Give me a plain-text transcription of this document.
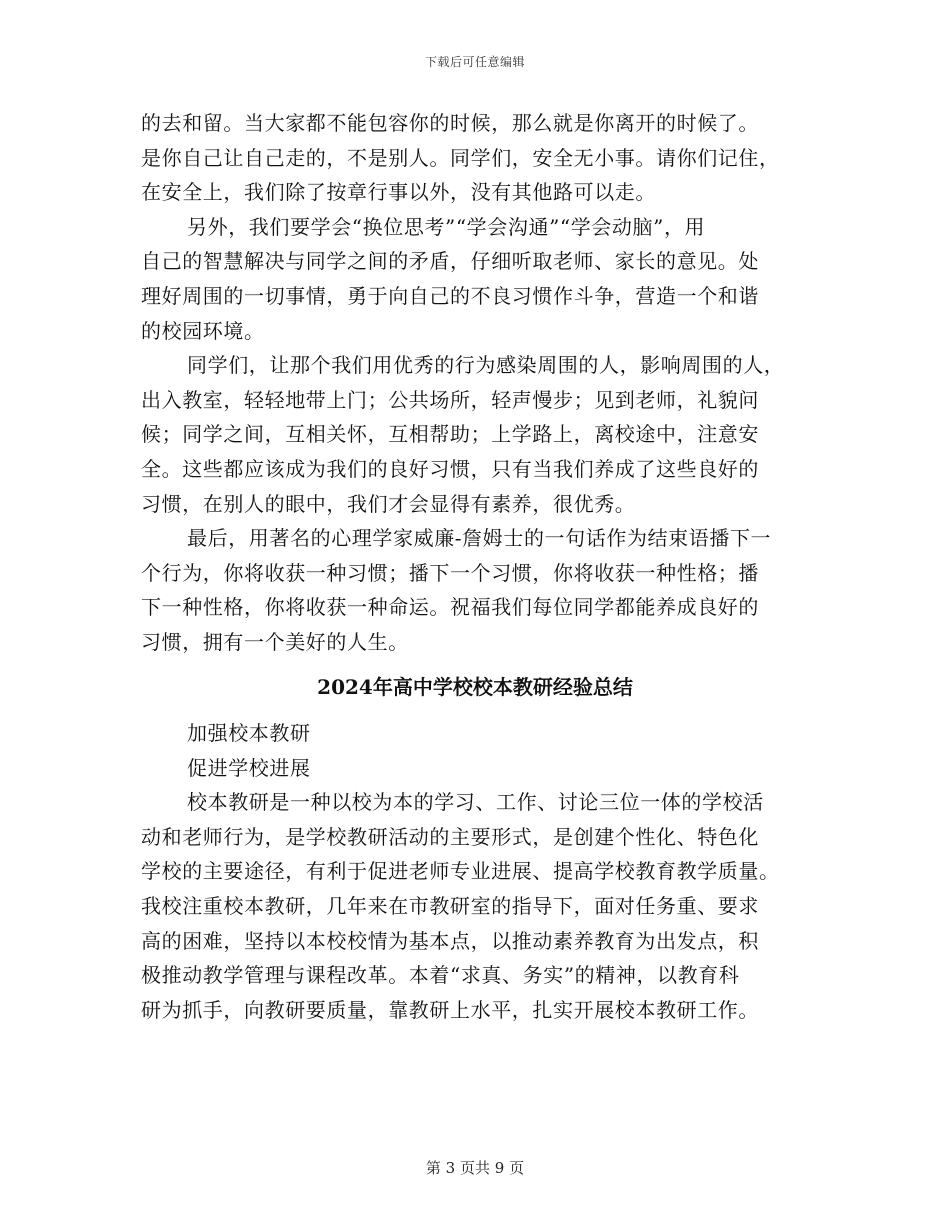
下载后可任意编辑
的去和留。当大家都不能包容你的时候，那么就是你离开的时候了。
是你自己让自己走的，不是别人。同学们，安全无小事。请你们记住，
在安全上，我们除了按章行事以外，没有其他路可以走。
另外，我们要学会“换位思考”“学会沟通”“学会动脑”，用
自己的智慧解决与同学之间的矛盾，仔细听取老师、家长的意见。处
理好周围的一切事情，勇于向自己的不良习惯作斗争，营造一个和谐
的校园环境。
同学们，让那个我们用优秀的行为感染周围的人，影响周围的人，
出入教室，轻轻地带上门；公共场所，轻声慢步；见到老师，礼貌问
候；同学之间，互相关怀，互相帮助；上学路上，离校途中，注意安
全。这些都应该成为我们的良好习惯，只有当我们养成了这些良好的
习惯，在别人的眼中，我们才会显得有素养，很优秀。
最后，用著名的心理学家威廉-詹姆士的一句话作为结束语播下一
个行为，你将收获一种习惯；播下一个习惯，你将收获一种性格；播
下一种性格，你将收获一种命运。祝福我们每位同学都能养成良好的
习惯，拥有一个美好的人生。
2024年高中学校校本教研经验总结
加强校本教研
促进学校进展
校本教研是一种以校为本的学习、工作、讨论三位一体的学校活
动和老师行为，是学校教研活动的主要形式，是创建个性化、特色化
学校的主要途径，有利于促进老师专业进展、提高学校教育教学质量。
我校注重校本教研，几年来在市教研室的指导下，面对任务重、要求
高的困难，坚持以本校校情为基本点，以推动素养教育为出发点，积
极推动教学管理与课程改革。本着“求真、务实”的精神，以教育科
研为抓手，向教研要质量，靠教研上水平，扎实开展校本教研工作。
第 3 页共 9 页
